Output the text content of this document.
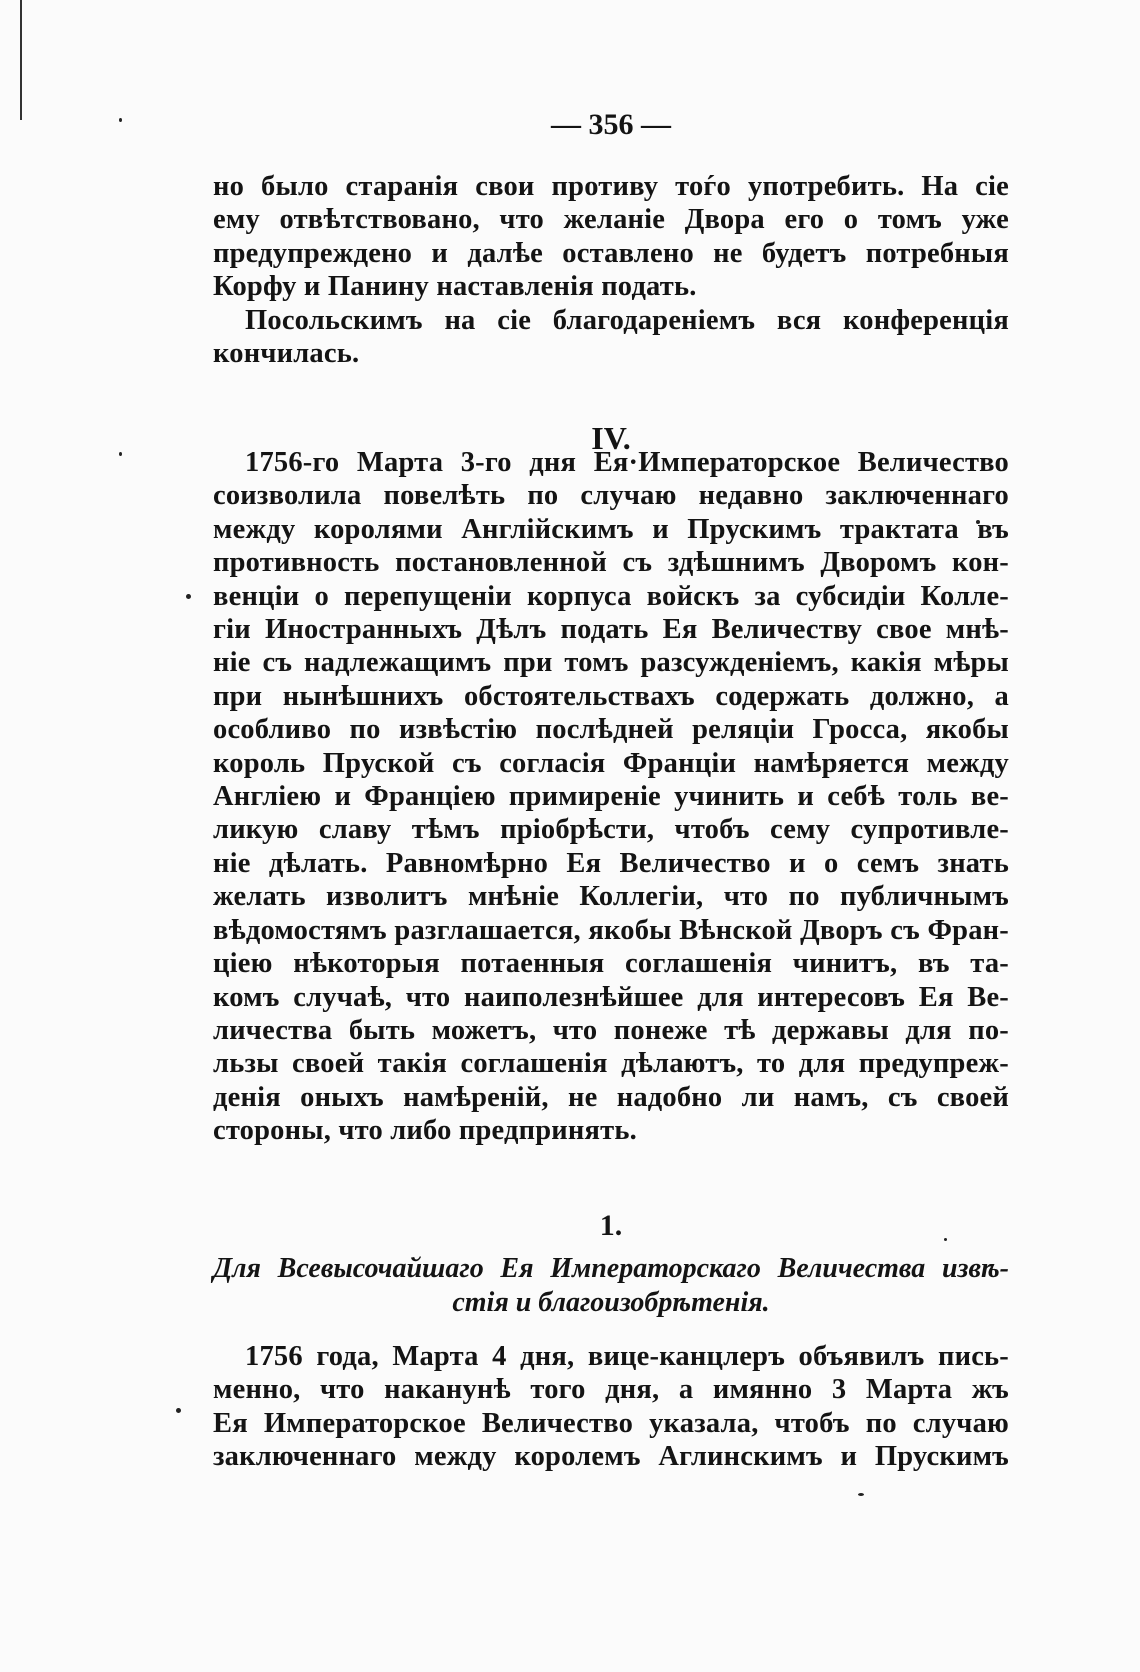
— 356 —
но было старанія свои противу тоѓо употребить. На сіе
ему отвѣтствовано, что желаніе Двора его о томъ уже
предупреждено и далѣе оставлено не будетъ потребныя
Корфу и Панину наставленія подать.
Посольскимъ на сіе благодареніемъ вся конференція
кончилась.
IV.
1756-го Марта 3-го дня Ея·Императорское Величество
соизволила повелѣть по случаю недавно заключеннаго
между королями Англійскимъ и Прускимъ трактата въ
противность постановленной съ здѣшнимъ Дворомъ кон-
венціи о перепущеніи корпуса войскъ за субсидіи Колле-
гіи Иностранныхъ Дѣлъ подать Ея Величеству свое мнѣ-
ніе съ надлежащимъ при томъ разсужденіемъ, какія мѣры
при нынѣшнихъ обстоятельствахъ содержать должно, а
особливо по извѣстію послѣдней реляціи Гросса, якобы
король Пруской съ согласія Франціи намѣряется между
Англіею и Франціею примиреніе учинить и себѣ толь ве-
ликую славу тѣмъ пріобрѣсти, чтобъ сему супротивле-
ніе дѣлать. Равномѣрно Ея Величество и о семъ знать
желать изволитъ мнѣніе Коллегіи, что по публичнымъ
вѣдомостямъ разглашается, якобы Вѣнской Дворъ съ Фран-
ціею нѣкоторыя потаенныя соглашенія чинитъ, въ та-
комъ случаѣ, что наиполезнѣйшее для интересовъ Ея Ве-
личества быть можетъ, что понеже тѣ державы для по-
льзы своей такія соглашенія дѣлаютъ, то для предупреж-
денія оныхъ намѣреній, не надобно ли намъ, съ своей
стороны, что либо предпринять.
1.
Для Всевысочайшаго Ея Императорскаго Величества извѣ-
стія и благоизобрѣтенія.
1756 года, Марта 4 дня, вице-канцлеръ объявилъ пись-
менно, что наканунѣ того дня, а имянно 3 Марта жъ
Ея Императорское Величество указала, чтобъ по случаю
заключеннаго между королемъ Аглинскимъ и Прускимъ
